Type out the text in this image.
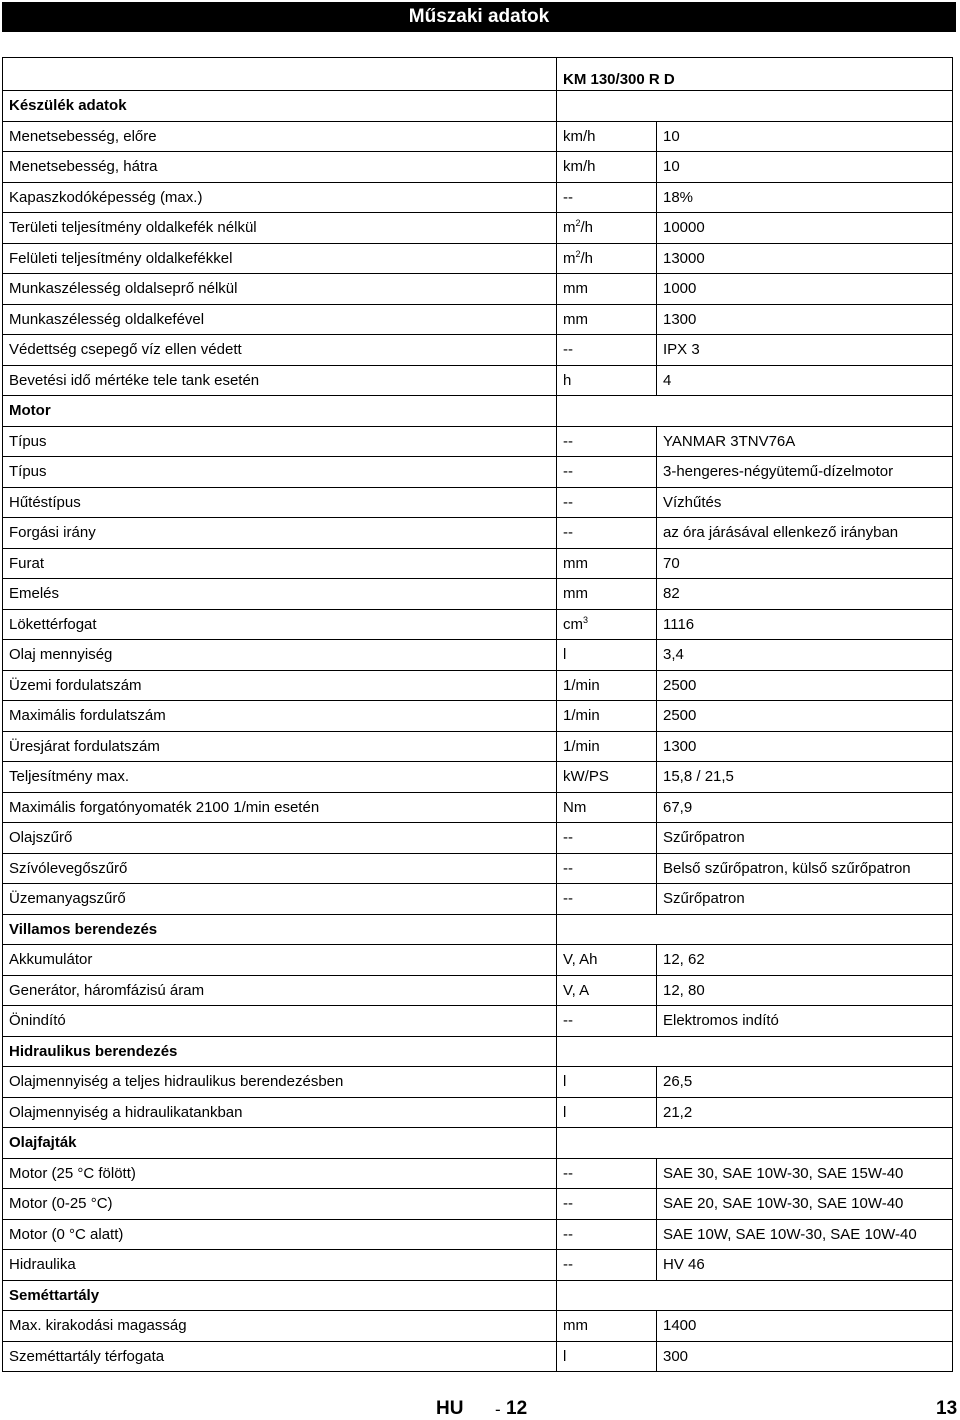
Műszaki adatok
	KM 130/300 R D	
Készülék adatok		
Menetsebesség, előre	km/h	10
Menetsebesség, hátra	km/h	10
Kapaszkodóképesség (max.)	--	18%
Területi teljesítmény oldalkefék nélkül	$m^2/h$	10000
Felületi teljesítmény oldalkefékkel	$m^2/h$	13000
Munkaszélesség oldalseprő nélkül	mm	1000
Munkaszélesség oldalkefével	mm	1300
Védettség csepegő víz ellen védett	--	IPX 3
Bevetési idő mértéke tele tank esetén	h	4
Motor		
Típus	--	YANMAR 3TNV76A
Típus	--	3-hengeres-négyütemű-dízelmotor
Hűtéstípus	--	Vízhűtés
Forgási irány	--	az óra járásával ellenkező irányban
Furat	mm	70
Emelés	mm	82
Lökettérfogat	$cm^3$	1116
Olaj mennyiség	l	3,4
Üzemi fordulatszám	1/min	2500
Maximális fordulatszám	1/min	2500
Üresjárat fordulatszám	1/min	1300
Teljesítmény max.	kW/PS	15,8 / 21,5
Maximális forgatónyomaték 2100 1/min esetén	Nm	67,9
Olajszűrő	--	Szűrőpatron
Szívólevegőszűrő	--	Belső szűrőpatron, külső szűrőpatron
Üzemanyagszűrő	--	Szűrőpatron
Villamos berendezés		
Akkumulátor	V, Ah	12, 62
Generátor, háromfázisú áram	V, A	12, 80
Önindító	--	Elektromos indító
Hidraulikus berendezés		
Olajmennyiség a teljes hidraulikus berendezésben	l	26,5
Olajmennyiség a hidraulikatankban	l	21,2
Olajfajták		
Motor (25 °C fölött)	--	SAE 30, SAE 10W-30, SAE 15W-40
Motor (0-25 °C)	--	SAE 20, SAE 10W-30, SAE 10W-40
Motor (0 °C alatt)	--	SAE 10W, SAE 10W-30, SAE 10W-40
Hidraulika	--	HV 46
Seméttartály		
Max. kirakodási magasság	mm	1400
Szeméttartály térfogata	l	300
HU - 12	13
